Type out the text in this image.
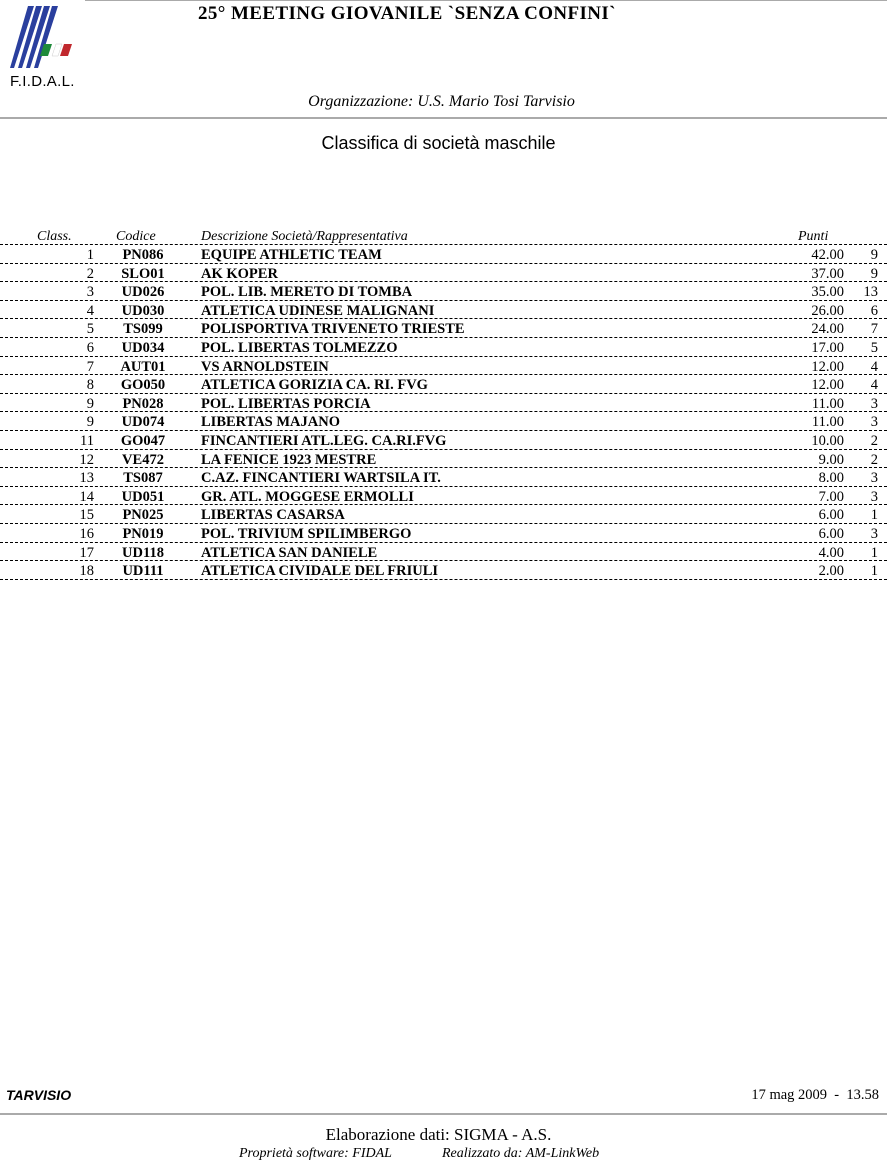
F.I.D.A.L.
25° MEETING GIOVANILE `SENZA CONFINI`
Organizzazione: U.S. Mario Tosi Tarvisio
Classifica di società maschile
Class.	Codice	Descrizione Società/Rappresentativa	Punti
1	PN086	EQUIPE ATHLETIC TEAM	42.00 9
2	SLO01	AK KOPER	37.00 9
3	UD026	POL. LIB. MERETO DI TOMBA	35.00 13
4	UD030	ATLETICA UDINESE MALIGNANI	26.00 6
5	TS099	POLISPORTIVA TRIVENETO TRIESTE	24.00 7
6	UD034	POL. LIBERTAS TOLMEZZO	17.00 5
7	AUT01	VS ARNOLDSTEIN	12.00 4
8	GO050	ATLETICA GORIZIA CA. RI. FVG	12.00 4
9	PN028	POL. LIBERTAS PORCIA	11.00 3
9	UD074	LIBERTAS MAJANO	11.00 3
11	GO047	FINCANTIERI ATL.LEG. CA.RI.FVG	10.00 2
12	VE472	LA FENICE 1923 MESTRE	9.00 2
13	TS087	C.AZ. FINCANTIERI WARTSILA IT.	8.00 3
14	UD051	GR. ATL. MOGGESE ERMOLLI	7.00 3
15	PN025	LIBERTAS CASARSA	6.00 1
16	PN019	POL. TRIVIUM SPILIMBERGO	6.00 3
17	UD118	ATLETICA SAN DANIELE	4.00 1
18	UD111	ATLETICA CIVIDALE DEL FRIULI	2.00 1
TARVISIO	17 mag 2009  -  13.58
Elaborazione dati: SIGMA - A.S.
Proprietà software: FIDAL	Realizzato da: AM-LinkWeb
